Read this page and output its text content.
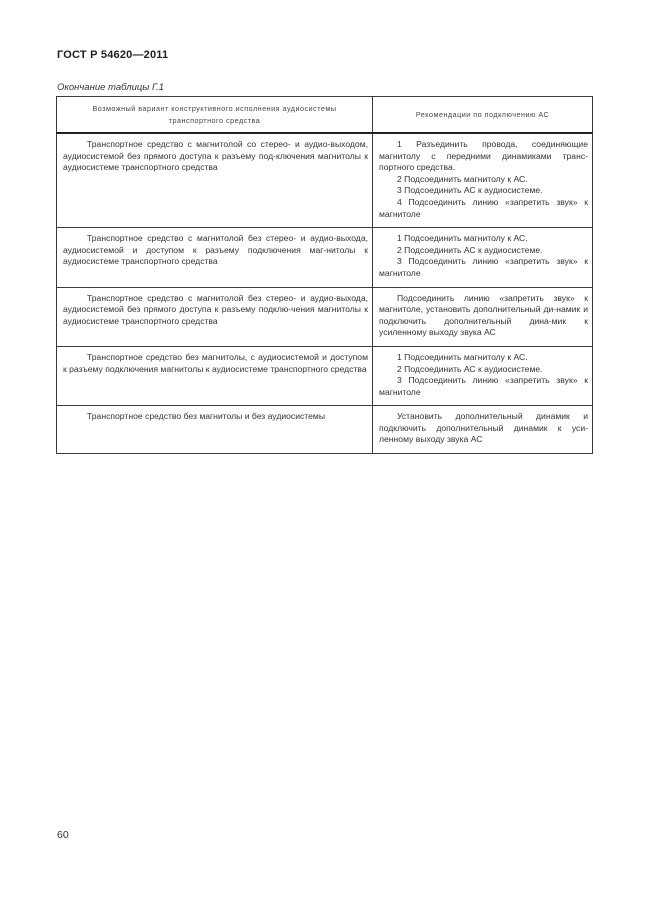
ГОСТ Р 54620—2011
Окончание таблицы Г.1
Возможный вариант конструктивного исполнения аудиосистемы транспортного средства	Рекомендации по подключению АС
Транспортное средство с магнитолой со стерео- и аудио-выходом, аудиосистемой без прямого доступа к разъему под-ключения магнитолы к аудиосистеме транспортного средства	1 Разъединить провода, соединяющие магнитолу с передними динамиками транс-портного средства.
2 Подсоединить магнитолу к АС.
3 Подсоединить АС к аудиосистеме.
4 Подсоединить линию «запретить звук» к магнитоле

Транспортное средство с магнитолой без стерео- и аудио-выхода, аудиосистемой и доступом к разъему подключения маг-нитолы к аудиосистеме транспортного средства	1 Подсоединить магнитолу к АС.
2 Подсоединить АС к аудиосистеме.
3 Подсоединить линию «запретить звук» к магнитоле

Транспортное средство с магнитолой без стерео- и аудио-выхода, аудиосистемой без прямого доступа к разъему подклю-чения магнитолы к аудиосистеме транспортного средства	Подсоединить линию «запретить звук» к магнитоле, установить дополнительный ди-намик и подключить дополнительный дина-мик к усиленному выходу звука АС

Транспортное средство без магнитолы, с аудиосистемой и доступом к разъему подключения магнитолы к аудиосистеме транспортного средства	1 Подсоединить магнитолу к АС.
2 Подсоединить АС к аудиосистеме.
3 Подсоединить линию «запретить звук» к магнитоле

Транспортное средство без магнитолы и без аудиосистемы	Установить дополнительный динамик и подключить дополнительный динамик к уси-ленному выходу звука АС
60
